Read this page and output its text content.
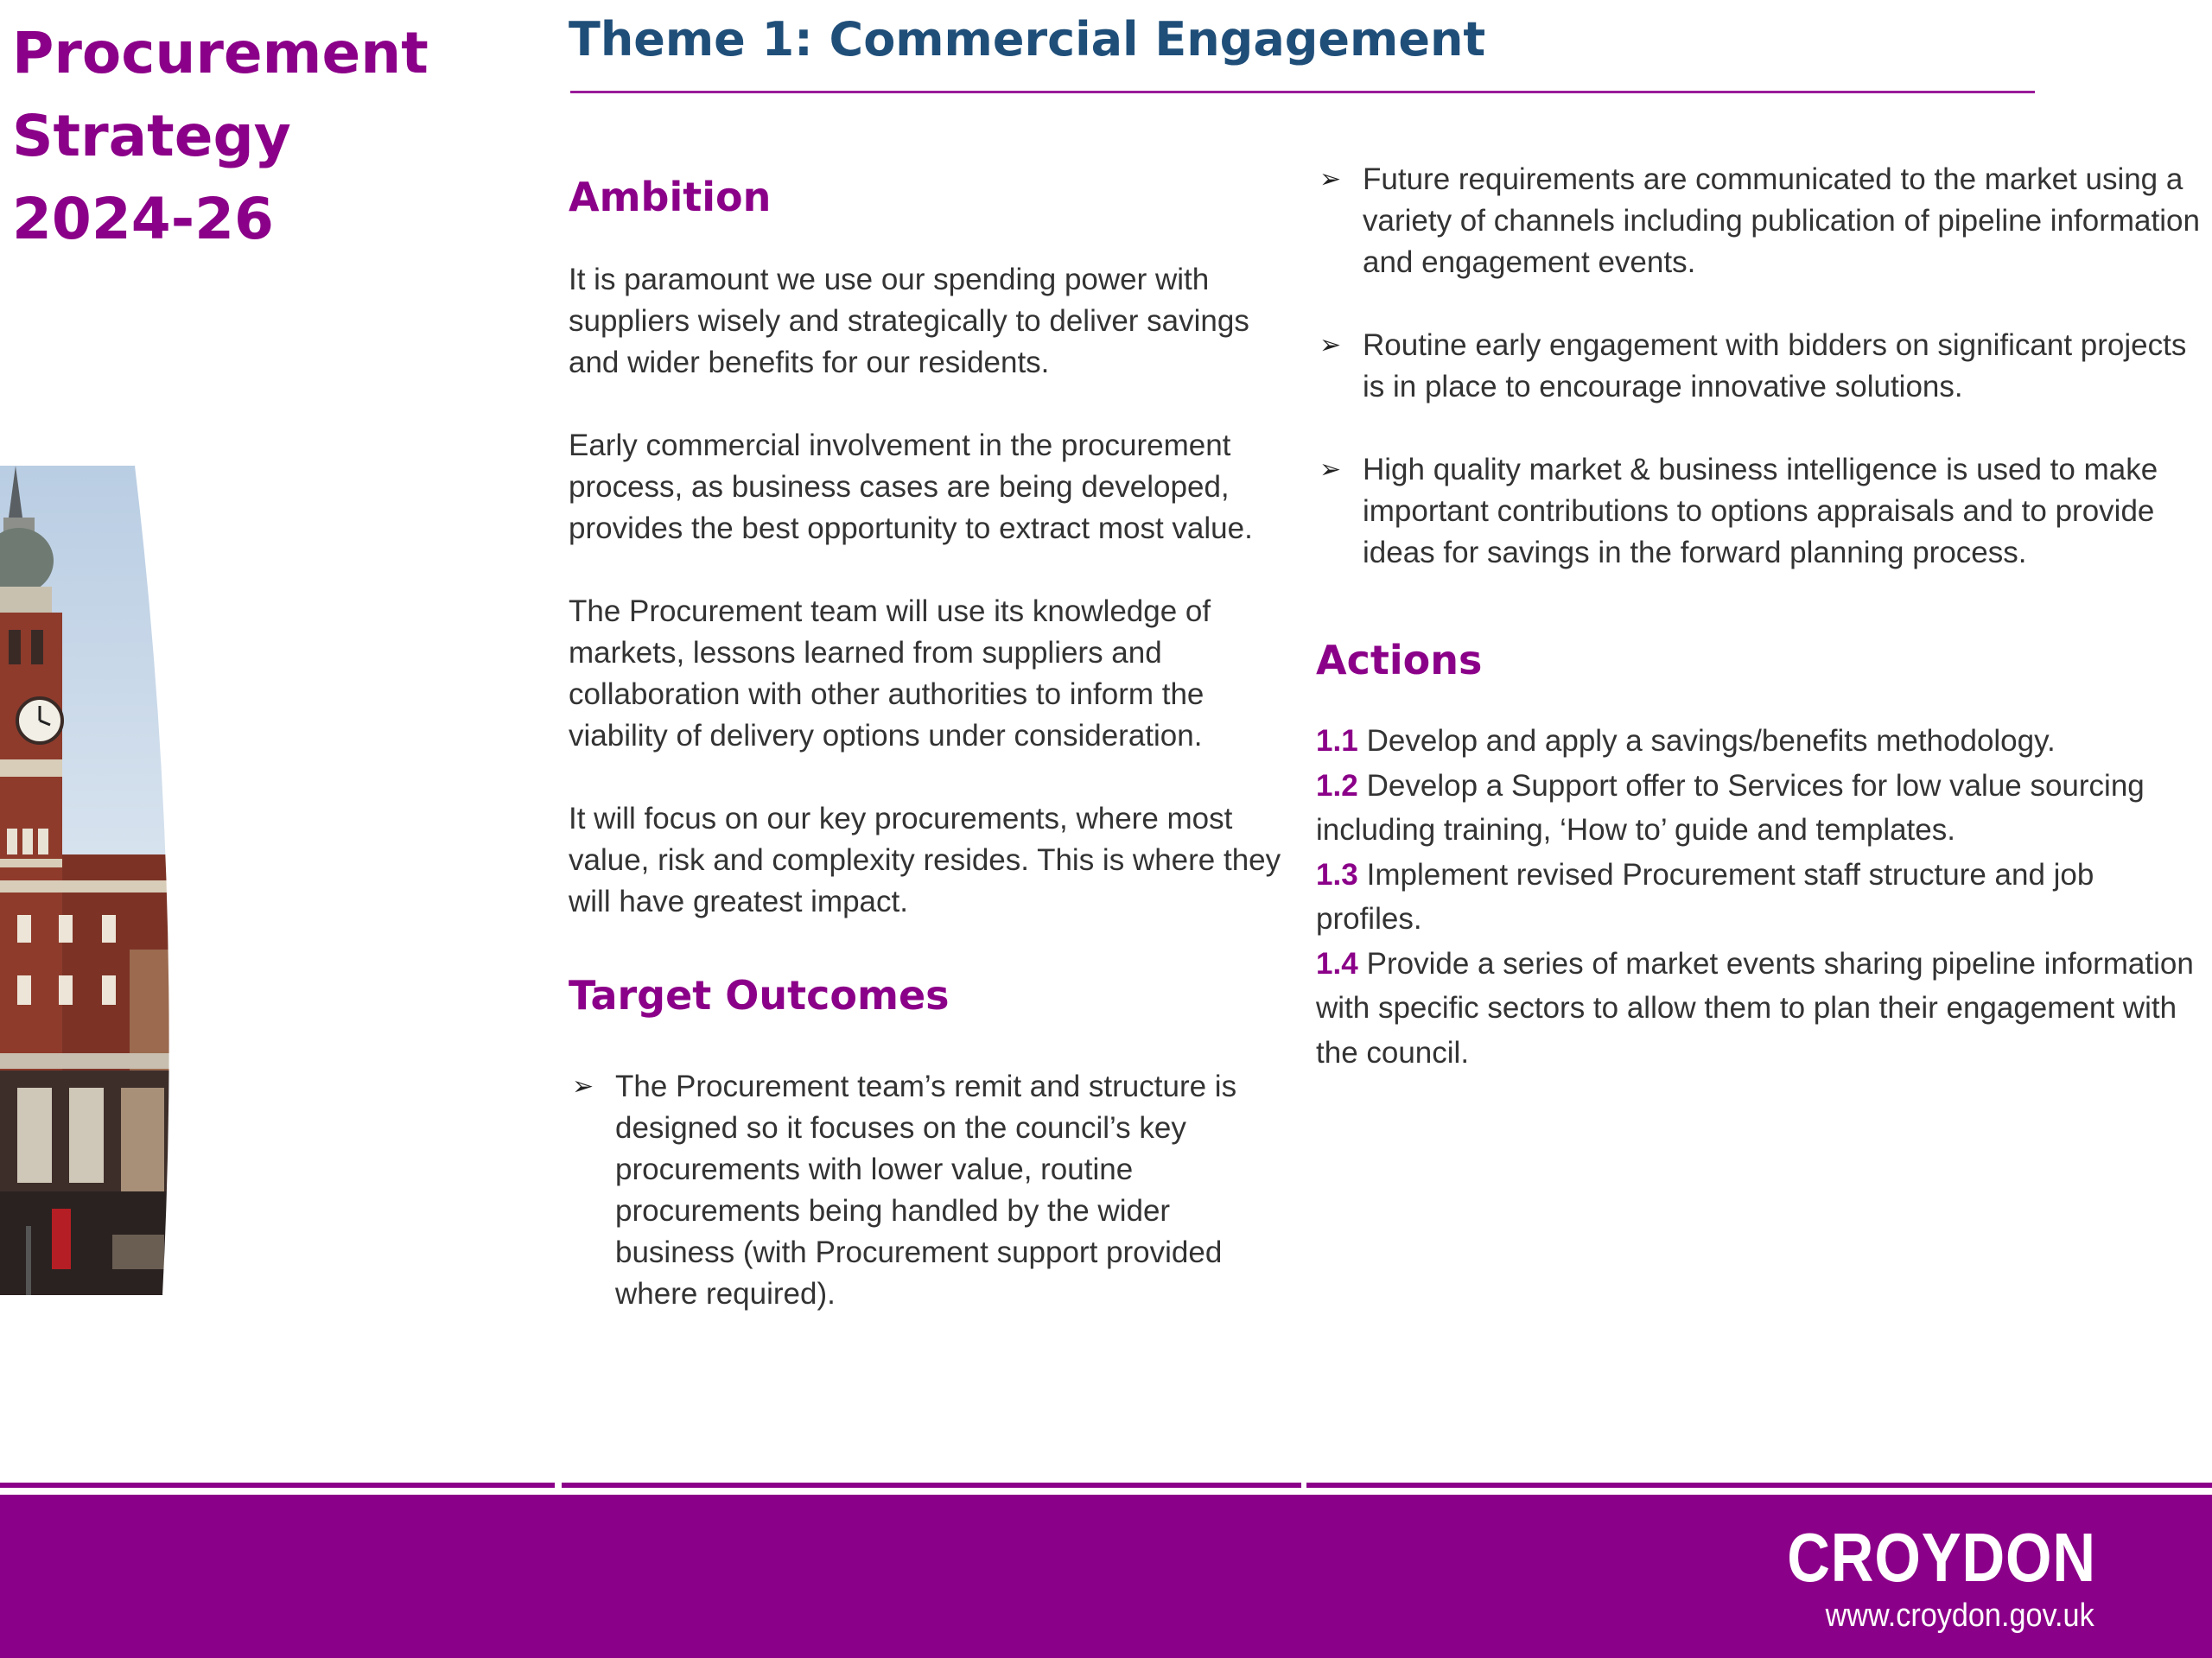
Procurement
Strategy
2024-26
Theme 1: Commercial Engagement
Ambition

It is paramount we use our spending power with suppliers wisely and strategically to deliver savings and wider benefits for our residents.

Early commercial involvement in the procurement process, as business cases are being developed, provides the best opportunity to extract most value.

The Procurement team will use its knowledge of markets, lessons learned from suppliers and collaboration with other authorities to inform the viability of delivery options under consideration.

It will focus on our key procurements, where most value, risk and complexity resides. This is where they will have greatest impact.

Target Outcomes
➢ The Procurement team’s remit and structure is designed so it focuses on the council’s key procurements with lower value, routine procurements being handled by the wider business (with Procurement support provided where required).
➢ Future requirements are communicated to the market using a variety of channels including publication of pipeline information and engagement events.
➢ Routine early engagement with bidders on significant projects is in place to encourage innovative solutions.
➢ High quality market & business intelligence is used to make important contributions to options appraisals and to provide ideas for savings in the forward planning process.
Actions

1.1 Develop and apply a savings/benefits methodology.

1.2 Develop a Support offer to Services for low value sourcing including training, ‘How to’ guide and templates.

1.3 Implement revised Procurement staff structure and job profiles.

1.4 Provide a series of market events sharing pipeline information with specific sectors to allow them to plan their engagement with the council.

CROYDON
www.croydon.gov.uk
